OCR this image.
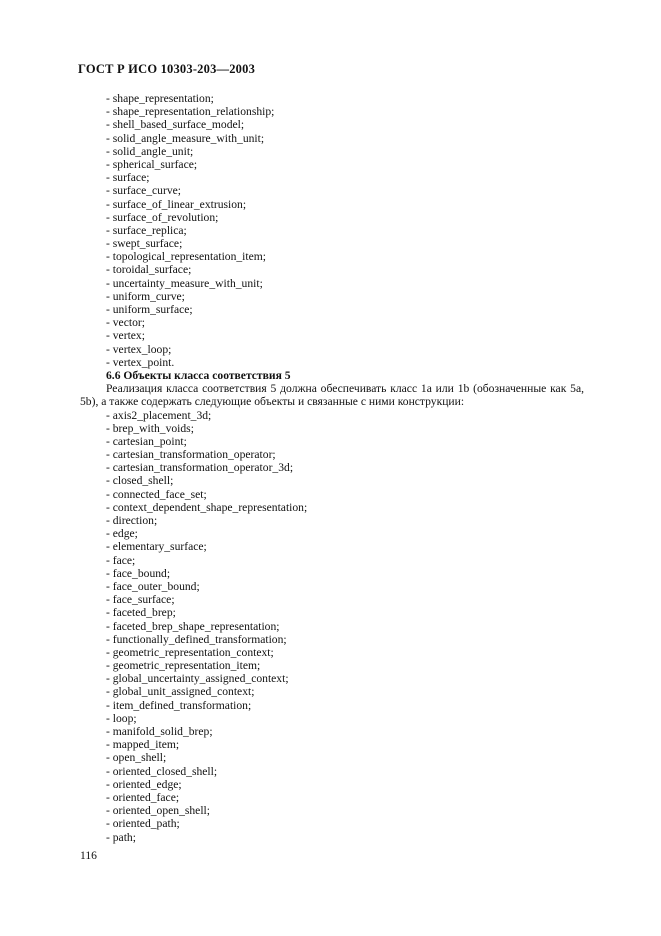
ГОСТ Р ИСО 10303-203—2003
- shape_representation;
- shape_representation_relationship;
- shell_based_surface_model;
- solid_angle_measure_with_unit;
- solid_angle_unit;
- spherical_surface;
- surface;
- surface_curve;
- surface_of_linear_extrusion;
- surface_of_revolution;
- surface_replica;
- swept_surface;
- topological_representation_item;
- toroidal_surface;
- uncertainty_measure_with_unit;
- uniform_curve;
- uniform_surface;
- vector;
- vertex;
- vertex_loop;
- vertex_point.
6.6 Объекты класса соответствия 5

Реализация класса соответствия 5 должна обеспечивать класс 1a или 1b (обозначенные как 5a, 5b), а также содержать следующие объекты и связанные с ними конструкции:

- axis2_placement_3d;
- brep_with_voids;
- cartesian_point;
- cartesian_transformation_operator;
- cartesian_transformation_operator_3d;
- closed_shell;
- connected_face_set;
- context_dependent_shape_representation;
- direction;
- edge;
- elementary_surface;
- face;
- face_bound;
- face_outer_bound;
- face_surface;
- faceted_brep;
- faceted_brep_shape_representation;
- functionally_defined_transformation;
- geometric_representation_context;
- geometric_representation_item;
- global_uncertainty_assigned_context;
- global_unit_assigned_context;
- item_defined_transformation;
- loop;
- manifold_solid_brep;
- mapped_item;
- open_shell;
- oriented_closed_shell;
- oriented_edge;
- oriented_face;
- oriented_open_shell;
- oriented_path;
- path;
116
